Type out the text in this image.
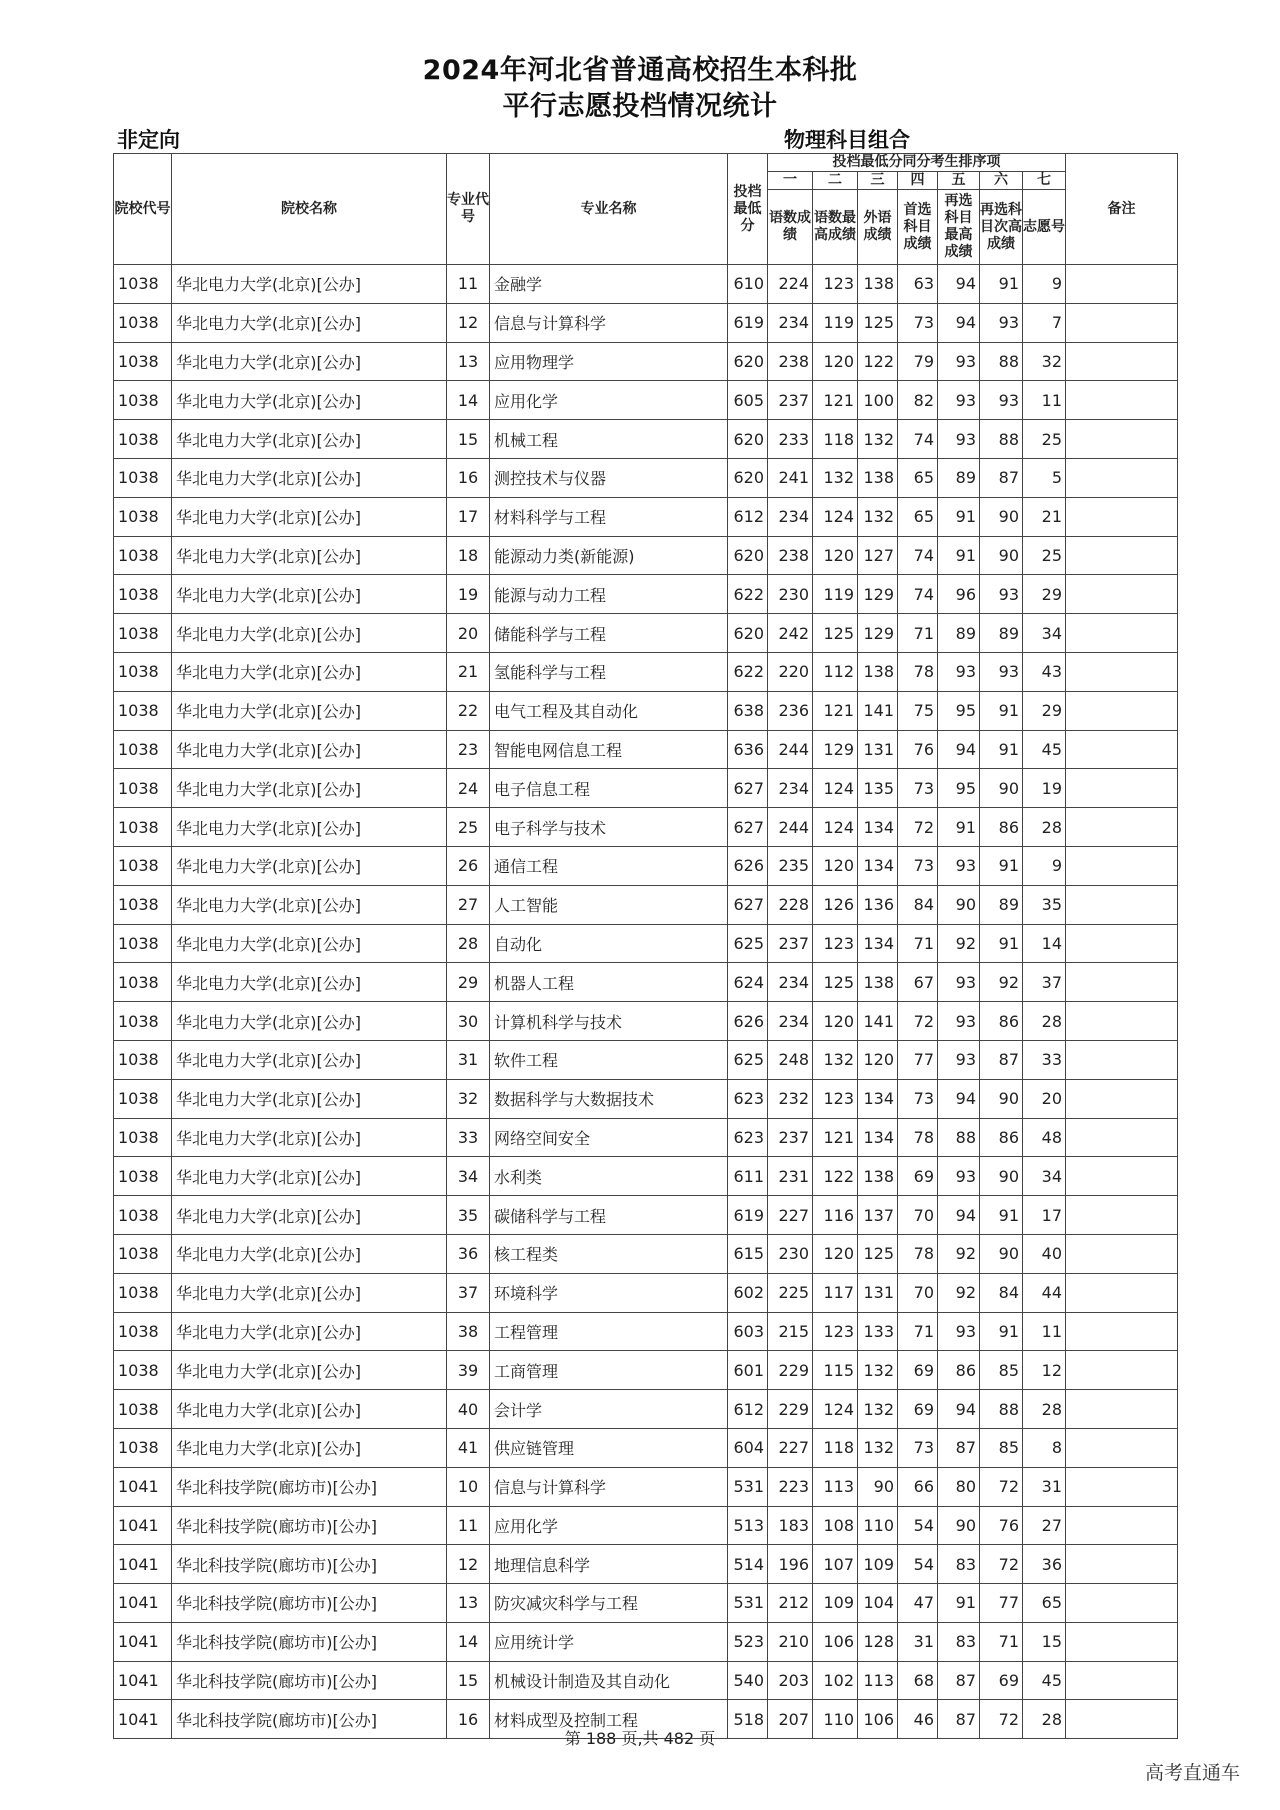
2024年河北省普通高校招生本科批
平行志愿投档情况统计
非定向	物理科目组合
院校代号	院校名称	专业代号	专业名称	投档最低分	投档最低分同分考生排序项							备注
					一	二	三	四	五	六	七	
					语数成绩	语数最高成绩	外语成绩	首选科目成绩	再选科目最高成绩	再选科目次高成绩	志愿号	
1038	华北电力大学(北京)[公办]	11	金融学	610	224	123	138	63	94	91	9	
1038	华北电力大学(北京)[公办]	12	信息与计算科学	619	234	119	125	73	94	93	7	
1038	华北电力大学(北京)[公办]	13	应用物理学	620	238	120	122	79	93	88	32	
1038	华北电力大学(北京)[公办]	14	应用化学	605	237	121	100	82	93	93	11	
1038	华北电力大学(北京)[公办]	15	机械工程	620	233	118	132	74	93	88	25	
1038	华北电力大学(北京)[公办]	16	测控技术与仪器	620	241	132	138	65	89	87	5	
1038	华北电力大学(北京)[公办]	17	材料科学与工程	612	234	124	132	65	91	90	21	
1038	华北电力大学(北京)[公办]	18	能源动力类(新能源)	620	238	120	127	74	91	90	25	
1038	华北电力大学(北京)[公办]	19	能源与动力工程	622	230	119	129	74	96	93	29	
1038	华北电力大学(北京)[公办]	20	储能科学与工程	620	242	125	129	71	89	89	34	
1038	华北电力大学(北京)[公办]	21	氢能科学与工程	622	220	112	138	78	93	93	43	
1038	华北电力大学(北京)[公办]	22	电气工程及其自动化	638	236	121	141	75	95	91	29	
1038	华北电力大学(北京)[公办]	23	智能电网信息工程	636	244	129	131	76	94	91	45	
1038	华北电力大学(北京)[公办]	24	电子信息工程	627	234	124	135	73	95	90	19	
1038	华北电力大学(北京)[公办]	25	电子科学与技术	627	244	124	134	72	91	86	28	
1038	华北电力大学(北京)[公办]	26	通信工程	626	235	120	134	73	93	91	9	
1038	华北电力大学(北京)[公办]	27	人工智能	627	228	126	136	84	90	89	35	
1038	华北电力大学(北京)[公办]	28	自动化	625	237	123	134	71	92	91	14	
1038	华北电力大学(北京)[公办]	29	机器人工程	624	234	125	138	67	93	92	37	
1038	华北电力大学(北京)[公办]	30	计算机科学与技术	626	234	120	141	72	93	86	28	
1038	华北电力大学(北京)[公办]	31	软件工程	625	248	132	120	77	93	87	33	
1038	华北电力大学(北京)[公办]	32	数据科学与大数据技术	623	232	123	134	73	94	90	20	
1038	华北电力大学(北京)[公办]	33	网络空间安全	623	237	121	134	78	88	86	48	
1038	华北电力大学(北京)[公办]	34	水利类	611	231	122	138	69	93	90	34	
1038	华北电力大学(北京)[公办]	35	碳储科学与工程	619	227	116	137	70	94	91	17	
1038	华北电力大学(北京)[公办]	36	核工程类	615	230	120	125	78	92	90	40	
1038	华北电力大学(北京)[公办]	37	环境科学	602	225	117	131	70	92	84	44	
1038	华北电力大学(北京)[公办]	38	工程管理	603	215	123	133	71	93	91	11	
1038	华北电力大学(北京)[公办]	39	工商管理	601	229	115	132	69	86	85	12	
1038	华北电力大学(北京)[公办]	40	会计学	612	229	124	132	69	94	88	28	
1038	华北电力大学(北京)[公办]	41	供应链管理	604	227	118	132	73	87	85	8	
1041	华北科技学院(廊坊市)[公办]	10	信息与计算科学	531	223	113	90	66	80	72	31	
1041	华北科技学院(廊坊市)[公办]	11	应用化学	513	183	108	110	54	90	76	27	
1041	华北科技学院(廊坊市)[公办]	12	地理信息科学	514	196	107	109	54	83	72	36	
1041	华北科技学院(廊坊市)[公办]	13	防灾减灾科学与工程	531	212	109	104	47	91	77	65	
1041	华北科技学院(廊坊市)[公办]	14	应用统计学	523	210	106	128	31	83	71	15	
1041	华北科技学院(廊坊市)[公办]	15	机械设计制造及其自动化	540	203	102	113	68	87	69	45	
1041	华北科技学院(廊坊市)[公办]	16	材料成型及控制工程	518	207	110	106	46	87	72	28	
第 188 页,共 482 页
高考直通车
